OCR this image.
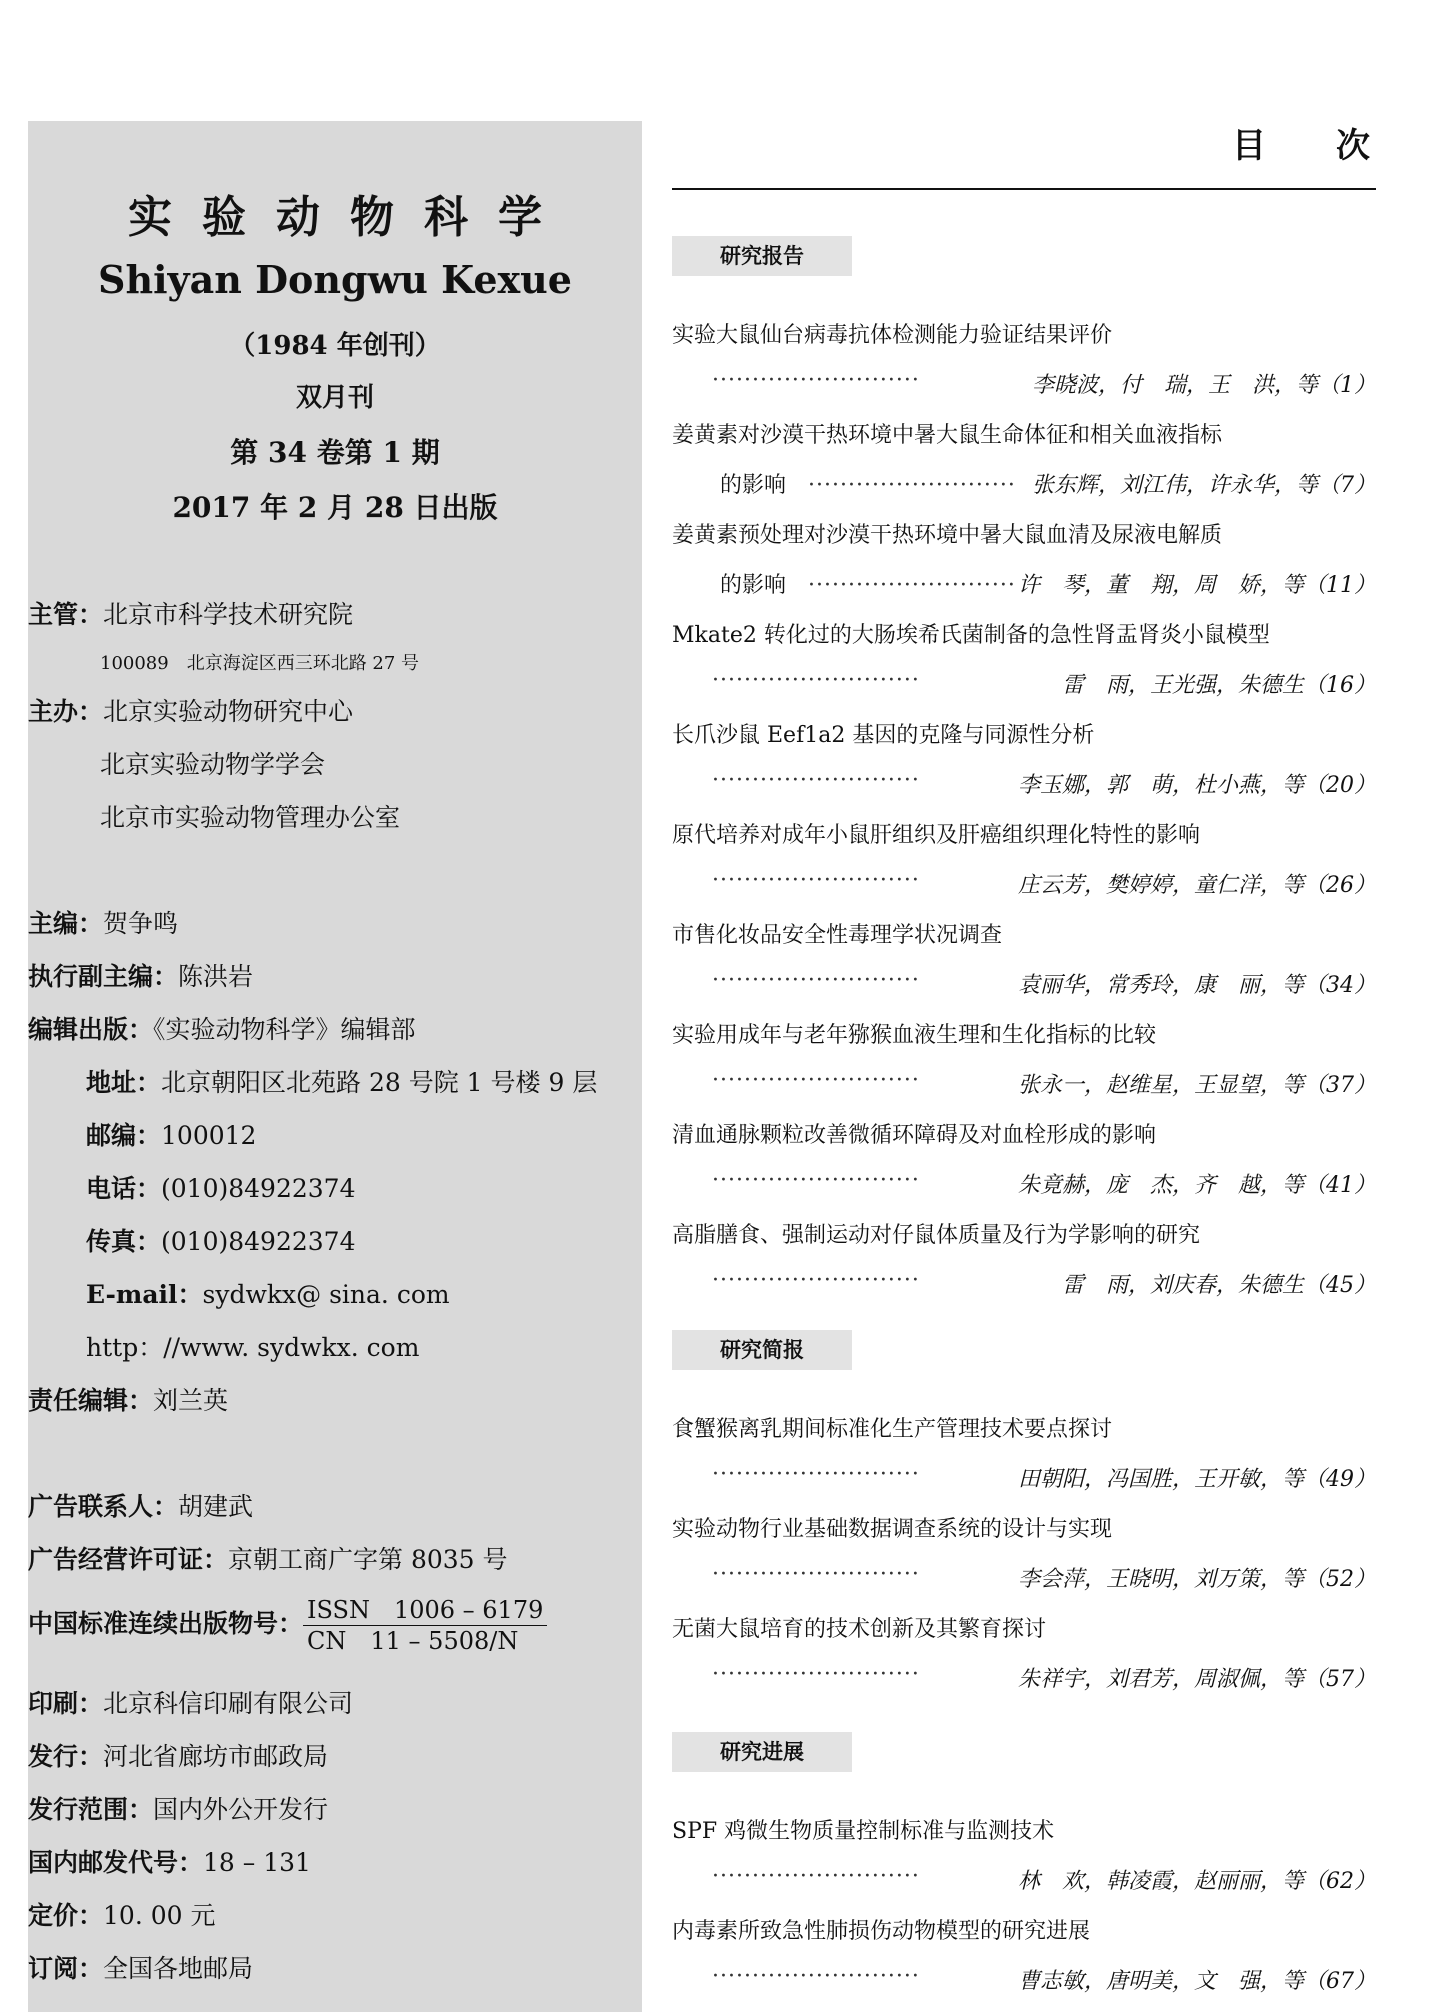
实验动物科学
Shiyan Dongwu Kexue
（1984 年创刊）
双月刊
第 34 卷第 1 期
2017 年 2 月 28 日出版
主管：北京市科学技术研究院
100089　北京海淀区西三环北路 27 号
主办：北京实验动物研究中心
北京实验动物学学会
北京市实验动物管理办公室
主编：贺争鸣
执行副主编：陈洪岩
编辑出版：《实验动物科学》编辑部
地址：北京朝阳区北苑路 28 号院 1 号楼 9 层
邮编：100012
电话：(010)84922374
传真：(010)84922374
E-mail：sydwkx@ sina. com
http：//www. sydwkx. com
责任编辑：刘兰英
广告联系人：胡建武
广告经营许可证：京朝工商广字第 8035 号
中国标准连续出版物号： ISSN　1006 – 6179
CN　11 – 5508/N
印刷：北京科信印刷有限公司
发行：河北省廊坊市邮政局
发行范围：国内外公开发行
国内邮发代号：18 – 131
定价：10. 00 元
订阅：全国各地邮局
目次
研究报告
研究简报
研究进展
实验大鼠仙台病毒抗体检测能力验证结果评价
··························	李晓波，付　瑞，王　洪，等（1）
姜黄素对沙漠干热环境中暑大鼠生命体征和相关血液指标
的影响　·························· 张东辉，刘江伟，许永华，等（7）
姜黄素预处理对沙漠干热环境中暑大鼠血清及尿液电解质
的影响　·························· 许　琴，董　翔，周　娇，等（11）
Mkate2 转化过的大肠埃希氏菌制备的急性肾盂肾炎小鼠模型
··························	雷　雨，王光强，朱德生（16）
长爪沙鼠 Eef1a2 基因的克隆与同源性分析
··························	李玉娜，郭　萌，杜小燕，等（20）
原代培养对成年小鼠肝组织及肝癌组织理化特性的影响
··························	庄云芳，樊婷婷，童仁洋，等（26）
市售化妆品安全性毒理学状况调查
··························	袁丽华，常秀玲，康　丽，等（34）
实验用成年与老年猕猴血液生理和生化指标的比较
··························	张永一，赵维星，王显望，等（37）
清血通脉颗粒改善微循环障碍及对血栓形成的影响
··························	朱竟赫，庞　杰，齐　越，等（41）
高脂膳食、强制运动对仔鼠体质量及行为学影响的研究
··························	雷　雨，刘庆春，朱德生（45）
食蟹猴离乳期间标准化生产管理技术要点探讨
··························	田朝阳，冯国胜，王开敏，等（49）
实验动物行业基础数据调查系统的设计与实现
··························	李会萍，王晓明，刘万策，等（52）
无菌大鼠培育的技术创新及其繁育探讨
··························	朱祥宇，刘君芳，周淑佩，等（57）
SPF 鸡微生物质量控制标准与监测技术
··························	林　欢，韩凌霞，赵丽丽，等（62）
内毒素所致急性肺损伤动物模型的研究进展
··························	曹志敏，唐明美，文　强，等（67）
